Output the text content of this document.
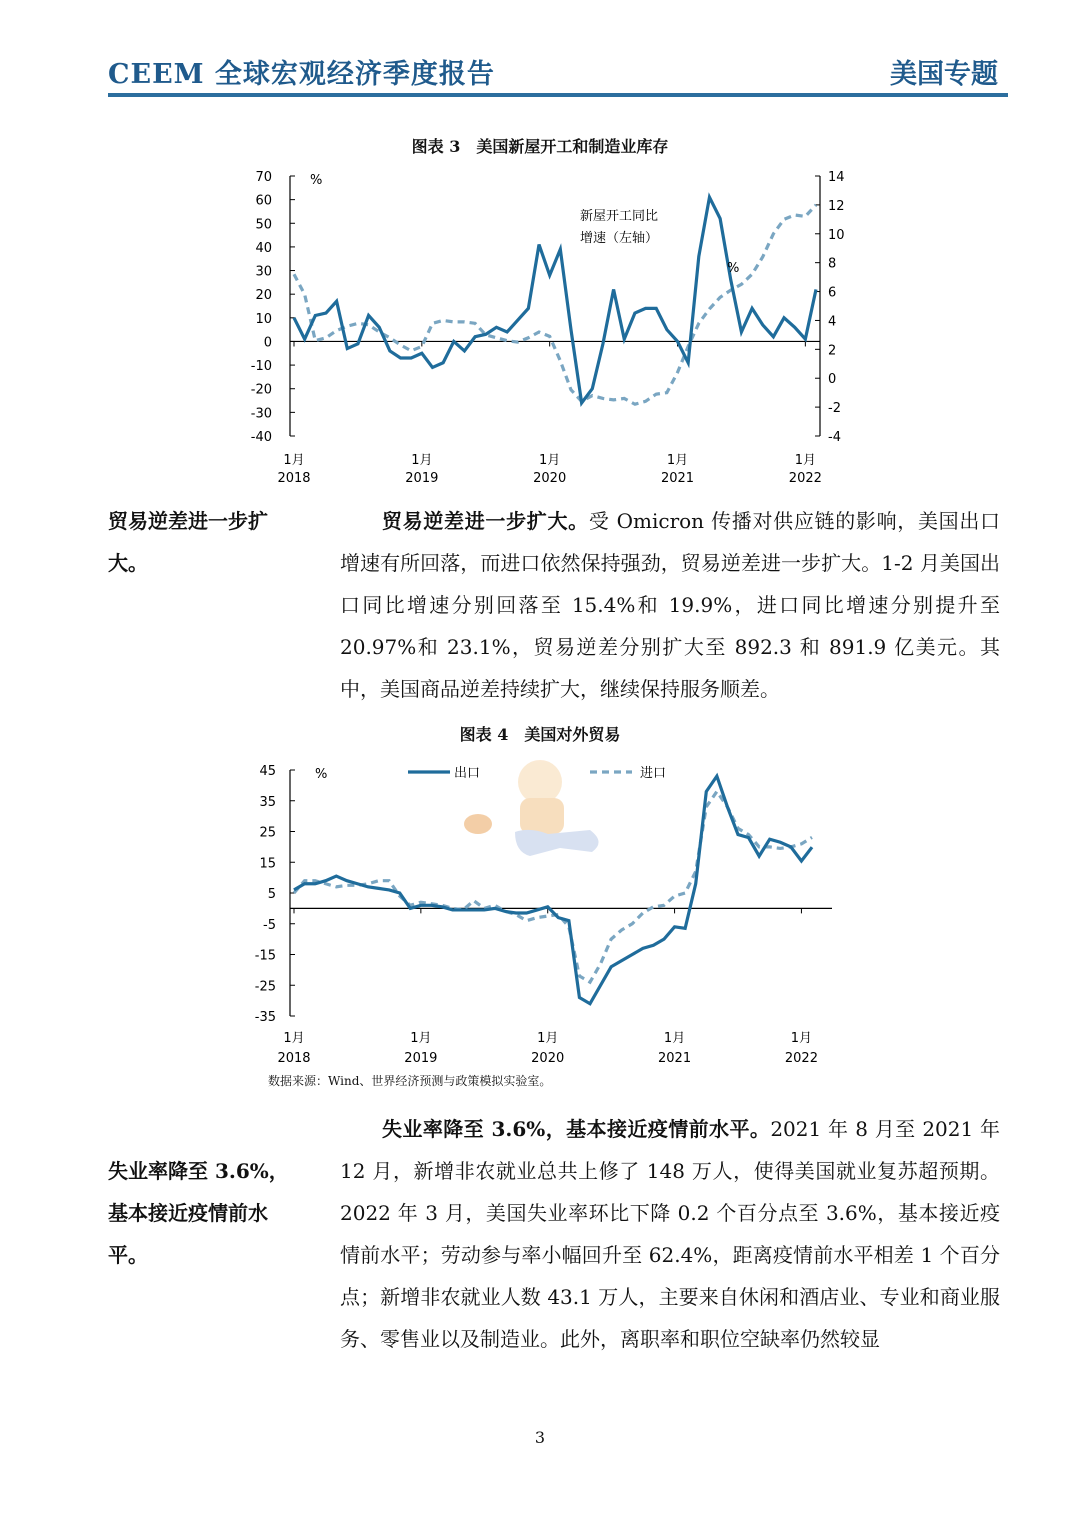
CEEM 全球宏观经济季度报告	美国专题
图表 3　美国新屋开工和制造业库存
70
60
50
40
30
20
10
0
-10
-20
-30
-40
14
12
10
8
6
4
2
0
-2
-4
1月
2018
1月
2019
1月
2020
1月
2021
1月
2022
%
新屋开工同比
增速（左轴）
%
贸易逆差进一步扩大。

贸易逆差进一步扩大。受 Omicron 传播对供应链的影响，美国出口增速有所回落，而进口依然保持强劲，贸易逆差进一步扩大。1-2 月美国出口同比增速分别回落至 15.4%和 19.9%，进口同比增速分别提升至 20.97%和 23.1%，贸易逆差分别扩大至 892.3 和 891.9 亿美元。其中，美国商品逆差持续扩大，继续保持服务顺差。

图表 4　美国对外贸易
45
35
25
15
5
-5
-15
-25
-35
1月
2018
1月
2019
1月
2020
1月
2021
1月
2022
%	出口	进口
数据来源：Wind、世界经济预测与政策模拟实验室。
失业率降至 3.6%，基本接近疫情前水平。

失业率降至 3.6%，基本接近疫情前水平。2021 年 8 月至 2021 年 12 月，新增非农就业总共上修了 148 万人，使得美国就业复苏超预期。2022 年 3 月，美国失业率环比下降 0.2 个百分点至 3.6%，基本接近疫情前水平；劳动参与率小幅回升至 62.4%，距离疫情前水平相差 1 个百分点；新增非农就业人数 43.1 万人，主要来自休闲和酒店业、专业和商业服务、零售业以及制造业。此外，离职率和职位空缺率仍然较显

3
